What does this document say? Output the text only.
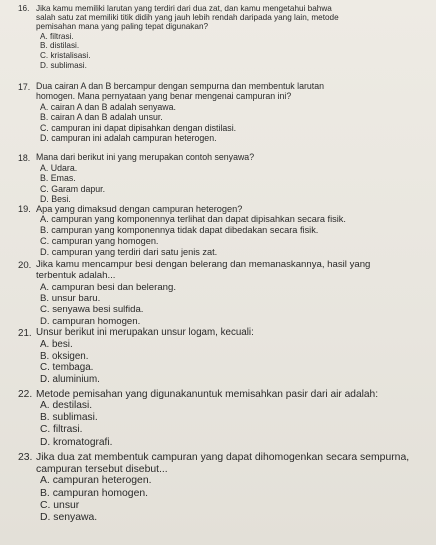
16. Jika kamu memiliki larutan yang terdiri dari dua zat, dan kamu mengetahui bahwa
salah satu zat memiliki titik didih yang jauh lebih rendah daripada yang lain, metode
pemisahan mana yang paling tepat digunakan?
A. filtrasi.
B. distilasi.
C. kristalisasi.
D. sublimasi.
17. Dua cairan A dan B bercampur dengan sempurna dan membentuk larutan
homogen. Mana pernyataan yang benar mengenai campuran ini?
A. cairan A dan B adalah senyawa.
B. cairan A dan B adalah unsur.
C. campuran ini dapat dipisahkan dengan distilasi.
D. campuran ini adalah campuran heterogen.
18. Mana dari berikut ini yang merupakan contoh senyawa?
A. Udara.
B. Emas.
C. Garam dapur.
D. Besi.
19. Apa yang dimaksud dengan campuran heterogen?
A. campuran yang komponennya terlihat dan dapat dipisahkan secara fisik.
B. campuran yang komponennya tidak dapat dibedakan secara fisik.
C. campuran yang homogen.
D. campuran yang terdiri dari satu jenis zat.
20. Jika kamu mencampur besi dengan belerang dan memanaskannya, hasil yang
terbentuk adalah...
A. campuran besi dan belerang.
B. unsur baru.
C. senyawa besi sulfida.
D. campuran homogen.
21. Unsur berikut ini merupakan unsur logam, kecuali:
A. besi.
B. oksigen.
C. tembaga.
D. aluminium.
22. Metode pemisahan yang digunakanuntuk memisahkan pasir dari air adalah:
A. destilasi.
B. sublimasi.
C. filtrasi.
D. kromatografi.
23. Jika dua zat membentuk campuran yang dapat dihomogenkan secara sempurna,
campuran tersebut disebut...
A. campuran heterogen.
B. campuran homogen.
C. unsur
D. senyawa.
